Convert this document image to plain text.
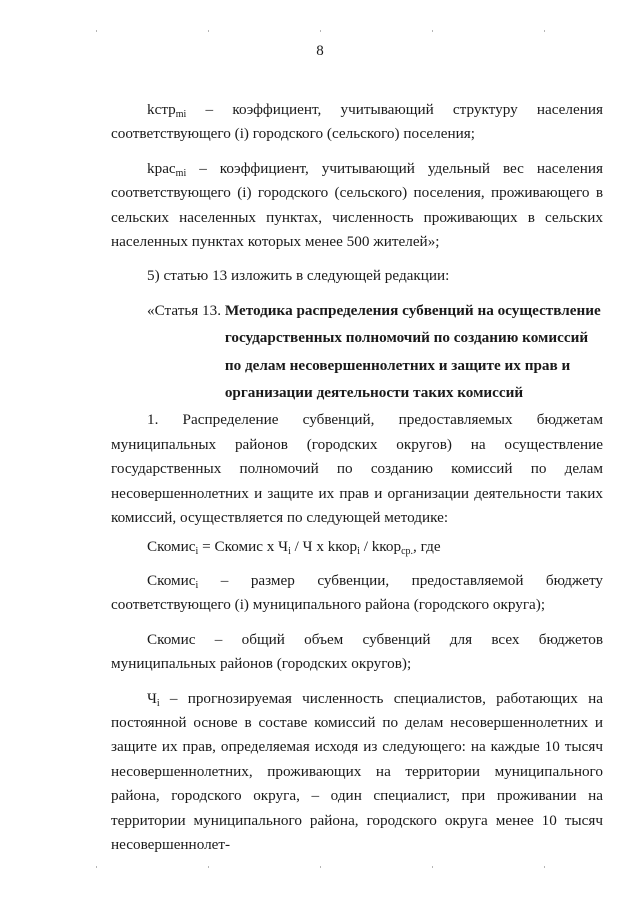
8

kстр$_{mi}$ – коэффициент, учитывающий структуру населения соответствующего (i) городского (сельского) поселения;

kрас$_{mi}$ – коэффициент, учитывающий удельный вес населения соответствующего (i) городского (сельского) поселения, проживающего в сельских населенных пунктах, численность проживающих в сельских населенных пунктах которых менее 500 жителей»;

5) статью 13 изложить в следующей редакции:

«Статья 13. Методика распределения субвенций на осуществление
государственных полномочий по созданию комиссий
по делам несовершеннолетних и защите их прав и
организации деятельности таких комиссий

1. Распределение субвенций, предоставляемых бюджетам муниципальных районов (городских округов) на осуществление государственных полномочий по созданию комиссий по делам несовершеннолетних и защите их прав и организации деятельности таких комиссий, осуществляется по следующей методике:

Скомис$_i$ = Скомис х $Ч_i$ / Ч х kкор$_i$ / kкор$_{ср.}$, где

Скомис$_i$ – размер субвенции, предоставляемой бюджету соответствующего (i) муниципального района (городского округа);

Скомис – общий объем субвенций для всех бюджетов муниципальных районов (городских округов);

$Ч_i$ – прогнозируемая численность специалистов, работающих на постоянной основе в составе комиссий по делам несовершеннолетних и защите их прав, определяемая исходя из следующего: на каждые 10 тысяч несовершеннолетних, проживающих на территории муниципального района, городского округа, – один специалист, при проживании на территории муниципального района, городского округа менее 10 тысяч несовершеннолет-
